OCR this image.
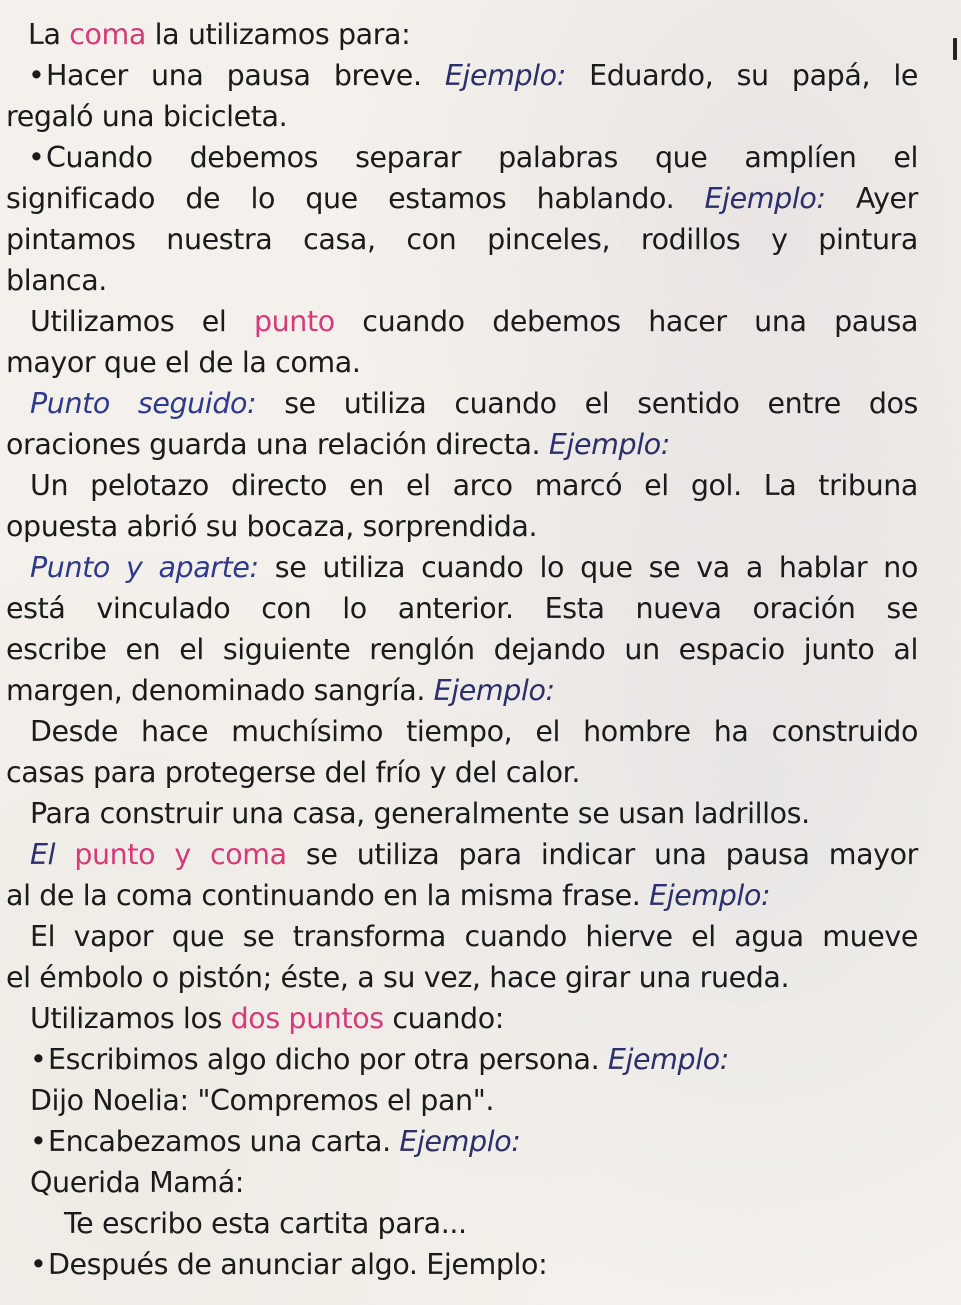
La coma la utilizamos para:
•Hacer una pausa breve. Ejemplo: Eduardo, su papá, le
regaló una bicicleta.
•Cuando debemos separar palabras que amplíen el
significado de lo que estamos hablando. Ejemplo: Ayer
pintamos nuestra casa, con pinceles, rodillos y pintura
blanca.
Utilizamos el punto cuando debemos hacer una pausa
mayor que el de la coma.
Punto seguido: se utiliza cuando el sentido entre dos
oraciones guarda una relación directa. Ejemplo:
Un pelotazo directo en el arco marcó el gol. La tribuna
opuesta abrió su bocaza, sorprendida.
Punto y aparte: se utiliza cuando lo que se va a hablar no
está vinculado con lo anterior. Esta nueva oración se
escribe en el siguiente renglón dejando un espacio junto al
margen, denominado sangría. Ejemplo:
Desde hace muchísimo tiempo, el hombre ha construido
casas para protegerse del frío y del calor.
Para construir una casa, generalmente se usan ladrillos.
El punto y coma se utiliza para indicar una pausa mayor
al de la coma continuando en la misma frase. Ejemplo:
El vapor que se transforma cuando hierve el agua mueve
el émbolo o pistón; éste, a su vez, hace girar una rueda.
Utilizamos los dos puntos cuando:
•Escribimos algo dicho por otra persona. Ejemplo:
Dijo Noelia: "Compremos el pan".
•Encabezamos una carta. Ejemplo:
Querida Mamá:
Te escribo esta cartita para...
•Después de anunciar algo. Ejemplo:
